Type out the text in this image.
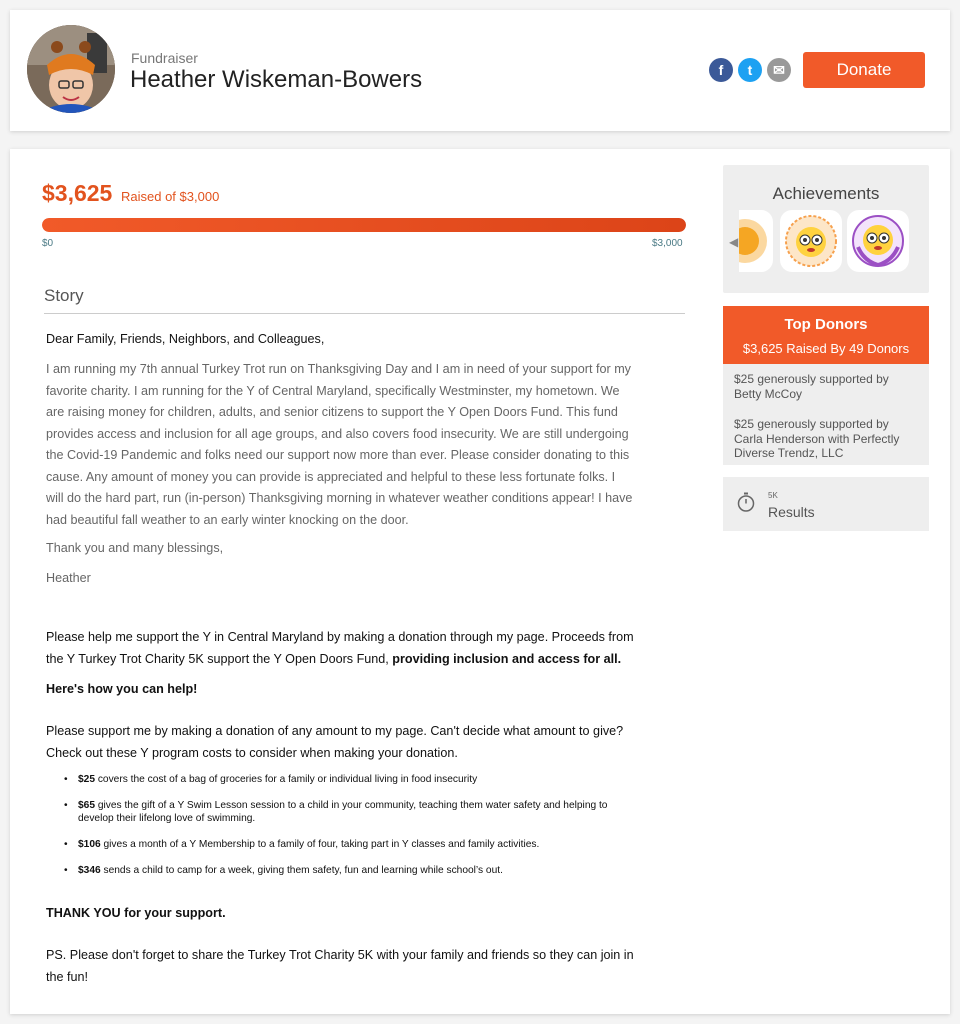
Fundraiser
Heather Wiskeman-Bowers	f t ✉	Donate
$3,625 Raised of $3,000
$0	$3,000
Story
Dear Family, Friends, Neighbors, and Colleagues,
I am running my 7th annual Turkey Trot run on Thanksgiving Day and I am in need of your support for my
favorite charity. I am running for the Y of Central Maryland, specifically Westminster, my hometown. We
are raising money for children, adults, and senior citizens to support the Y Open Doors Fund. This fund
provides access and inclusion for all age groups, and also covers food insecurity. We are still undergoing
the Covid-19 Pandemic and folks need our support now more than ever. Please consider donating to this
cause. Any amount of money you can provide is appreciated and helpful to these less fortunate folks. I
will do the hard part, run (in-person) Thanksgiving morning in whatever weather conditions appear! I have
had beautiful fall weather to an early winter knocking on the door.
Thank you and many blessings,
Heather
Please help me support the Y in Central Maryland by making a donation through my page. Proceeds from
the Y Turkey Trot Charity 5K support the Y Open Doors Fund, providing inclusion and access for all.
Here's how you can help!
Please support me by making a donation of any amount to my page. Can't decide what amount to give?
Check out these Y program costs to consider when making your donation.
• $25 covers the cost of a bag of groceries for a family or individual living in food insecurity
• $65 gives the gift of a Y Swim Lesson session to a child in your community, teaching them water safety and helping to
develop their lifelong love of swimming.
• $106 gives a month of a Y Membership to a family of four, taking part in Y classes and family activities.
• $346 sends a child to camp for a week, giving them safety, fun and learning while school’s out.
THANK YOU for your support.
PS. Please don't forget to share the Turkey Trot Charity 5K with your family and friends so they can join in
the fun!
Achievements
◀
Top Donors
$3,625 Raised By 49 Donors
$25 generously supported by
Betty McCoy
$25 generously supported by
Carla Henderson with Perfectly
Diverse Trendz, LLC
5K
Results
